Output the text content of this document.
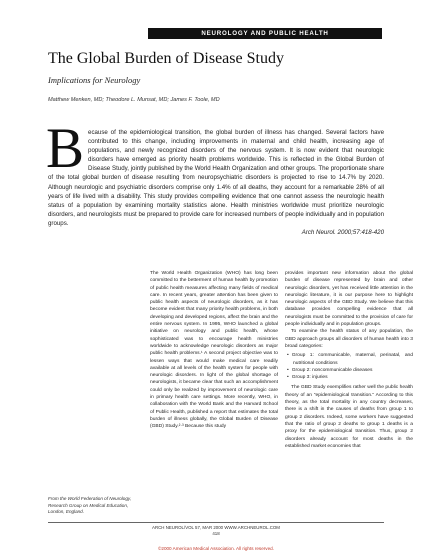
NEUROLOGY AND PUBLIC HEALTH
The Global Burden of Disease Study
Implications for Neurology
Matthew Menken, MD; Theodore L. Munsat, MD; James F. Toole, MD
B ecause of the epidemiological transition, the global burden of illness has changed. Several factors have contributed to this change, including improvements in maternal and child health, increasing age of populations, and newly recognized disorders of the nervous system. It is now evident that neurologic disorders have emerged as priority health problems worldwide. This is reflected in the Global Burden of Disease Study, jointly published by the World Health Organization and other groups. The proportionate share of the total global burden of disease resulting from neuropsychiatric disorders is projected to rise to 14.7% by 2020. Although neurologic and psychiatric disorders comprise only 1.4% of all deaths, they account for a remarkable 28% of all years of life lived with a disability. This study provides compelling evidence that one cannot assess the neurologic health status of a population by examining mortality statistics alone. Health ministries worldwide must prioritize neurologic disorders, and neurologists must be prepared to provide care for increased numbers of people individually and in population groups.
Arch Neurol. 2000;57:418-420

The World Health Organization (WHO) has long been committed to the betterment of human health by promotion of public health measures affecting many fields of medical care. In recent years, greater attention has been given to public health aspects of neurologic disorders, as it has become evident that many priority health problems, in both developing and developed regions, affect the brain and the entire nervous system. In 1995, WHO launched a global initiative on neurology and public health, whose sophisticated was to encourage health ministries worldwide to acknowledge neurologic disorders as major public health problems.¹ A second project objective was to lessen ways that would make medical care readily available at all levels of the health system for people with neurologic disorders. In light of the global shortage of neurologists, it became clear that such an accomplishment could only be realized by improvement of neurologic care in primary health care settings. More recently, WHO, in collaboration with the World Bank and the Harvard School of Public Health, published a report that estimates the total burden of illness globally, the Global Burden of Disease (GBD) Study.²·³ Because this study

provides important new information about the global burden of disease represented by brain and other neurologic disorders, yet has received little attention in the neurologic literature, it is our purpose here to highlight neurologic aspects of the GBD Study. We believe that this database provides compelling evidence that all neurologists must be committed to the provision of care for people individually and in population groups.

To examine the health status of any population, the GBD approach groups all disorders of human health into 3 broad categories:

• Group 1: communicable, maternal, perinatal, and nutritional conditions
• Group 2: noncommunicable diseases
• Group 3: injuries

The GBD Study exemplifies rather well the public health theory of an “epidemiological transition.” According to this theory, as the total mortality in any country decreases, there is a shift in the causes of deaths from group 1 to group 2 disorders. Indeed, some workers have suggested that the ratio of group 2 deaths to group 1 deaths is a proxy for the epidemiological transition. Thus, group 2 disorders already account for most deaths in the established market economies that

From the World Federation of Neurology, Research Group on Medical Education, London, England.
ARCH NEUROL/VOL 57, MAR 2000 WWW.ARCHNEUROL.COM
418
©2000 American Medical Association. All rights reserved.
